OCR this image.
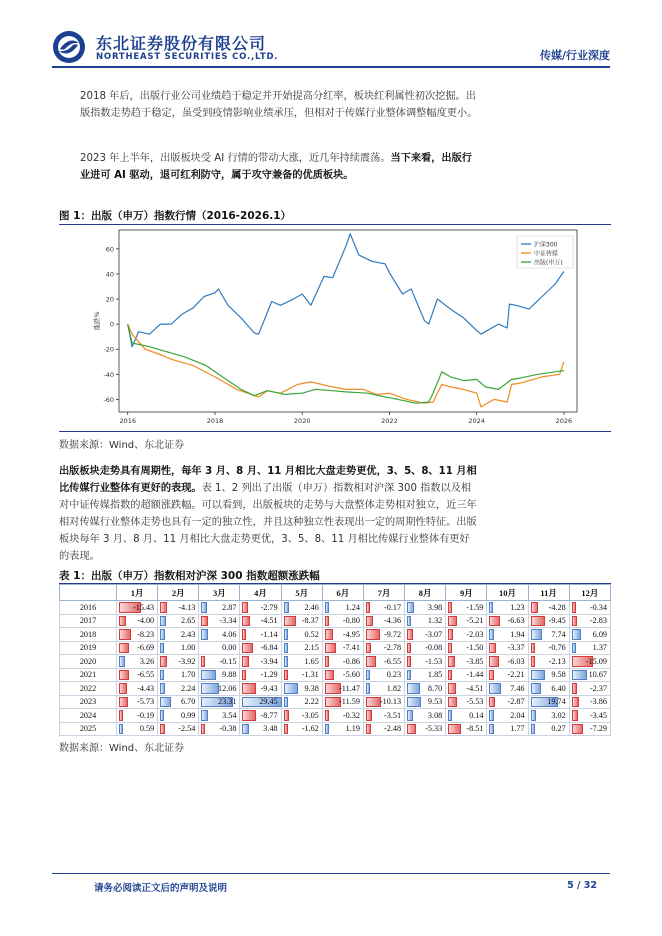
东北证券股份有限公司
NORTHEAST SECURITIES CO.,LTD.	传媒/行业深度

2018 年后，出版行业公司业绩趋于稳定并开始提高分红率，板块红利属性初次挖掘。出版指数走势趋于稳定，虽受到疫情影响业绩承压，但相对于传媒行业整体调整幅度更小。

2023 年上半年，出版板块受 AI 行情的带动大涨，近几年持续震荡。当下来看，出版行业进可 AI 驱动，退可红利防守，属于攻守兼备的优质板块。

图 1：出版（申万）指数行情（2016-2026.1）
-60
-40
-20
0
20
40
60
2016	2018	2020	2022	2024	2026
涨跌%
沪深300
中证传媒
出版(申万)
数据来源：Wind、东北证券

出版板块走势具有周期性，每年 3 月、8 月、11 月相比大盘走势更优，3、5、8、11 月相比传媒行业整体有更好的表现。表 1、2 列出了出版（申万）指数相对沪深 300 指数以及相对中证传媒指数的超额涨跌幅。可以看到，出版板块的走势与大盘整体走势相对独立，近三年相对传媒行业整体走势也具有一定的独立性，并且这种独立性表现出一定的周期性特征。出版板块每年 3 月、8 月、11 月相比大盘走势更优，3、5、8、11 月相比传媒行业整体有更好的表现。

表 1：出版（申万）指数相对沪深 300 指数超额涨跌幅
	1月	2月	3月	4月	5月	6月	7月	8月	9月	10月	11月	12月
2016	-15.43	-4.13	2.87	-2.79	2.46	1.24	-0.17	3.98	-1.59	1.23	-4.28	-0.34
2017	-4.00	2.65	-3.34	-4.51	-8.37	-0.80	-4.36	1.32	-5.21	-6.63	-9.45	-2.83
2018	-8.23	2.43	4.06	-1.14	0.52	-4.95	-9.72	-3.07	-2.03	1.94	7.74	6.09
2019	-6.69	1.00	0.00	-6.84	2.15	-7.41	-2.78	-0.08	-1.50	-3.37	-0.76	1.37
2020	3.26	-3.92	-0.15	-3.94	1.65	-0.86	-6.55	-1.53	-3.85	-6.03	-2.13	-15.09
2021	-6.55	1.70	9.88	-1.29	-1.31	-5.60	0.23	1.85	-1.44	-2.21	9.58	10.67
2022	-4.43	2.24	12.06	-9.43	9.38	-11.47	1.82	8.70	-4.51	7.46	6.40	-2.37
2023	-5.73	6.70	23.31	29.45	2.22	-11.59	-10.13	9.53	-5.53	-2.87	19.74	-3.86
2024	-0.19	0.99	3.54	-8.77	-3.05	-0.32	-3.51	3.08	0.14	2.04	3.02	-3.45
2025	0.59	-2.54	-0.38	3.48	-1.62	1.19	-2.48	-5.33	-8.51	1.77	0.27	-7.29
数据来源：Wind、东北证券
请务必阅读正文后的声明及说明	5 / 32
